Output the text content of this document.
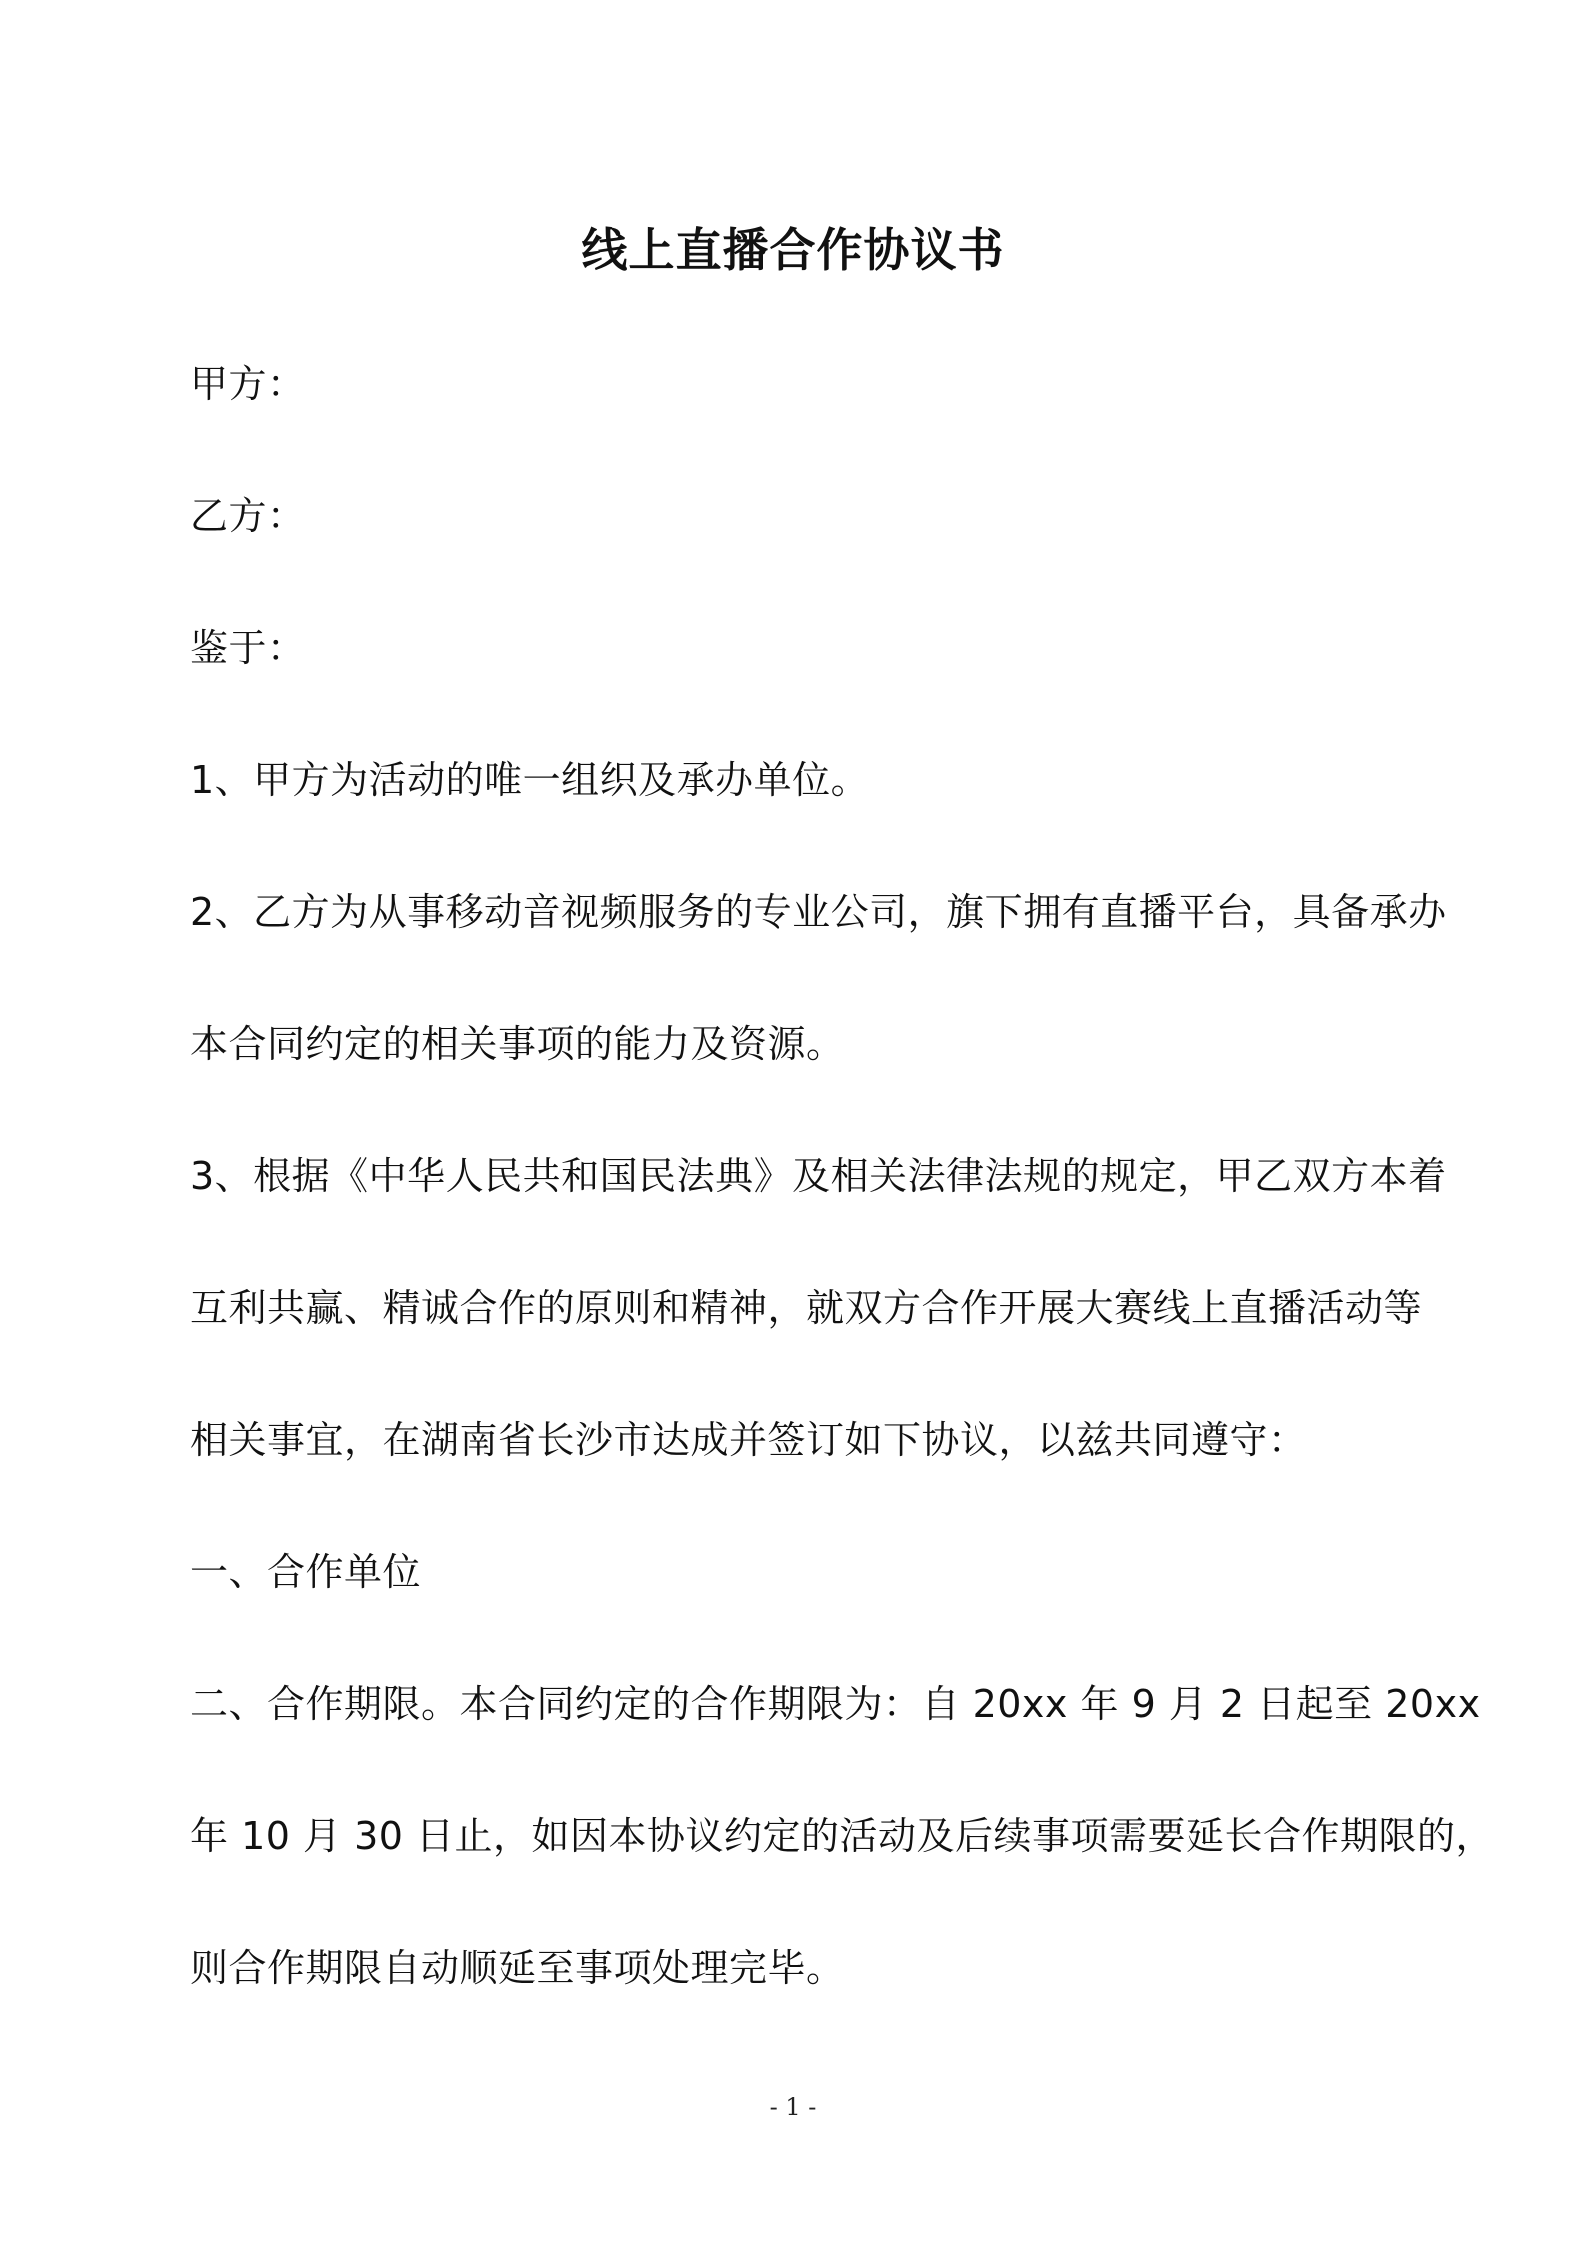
线上直播合作协议书
甲方：
乙方：
鉴于：
1、甲方为活动的唯一组织及承办单位。
2、乙方为从事移动音视频服务的专业公司，旗下拥有直播平台，具备承办
本合同约定的相关事项的能力及资源。
3、根据《中华人民共和国民法典》及相关法律法规的规定，甲乙双方本着
互利共赢、精诚合作的原则和精神，就双方合作开展大赛线上直播活动等
相关事宜，在湖南省长沙市达成并签订如下协议，以兹共同遵守：
一、合作单位
二、合作期限。本合同约定的合作期限为：自 20xx 年 9 月 2 日起至 20xx
年 10 月 30 日止，如因本协议约定的活动及后续事项需要延长合作期限的，
则合作期限自动顺延至事项处理完毕。
- 1 -
